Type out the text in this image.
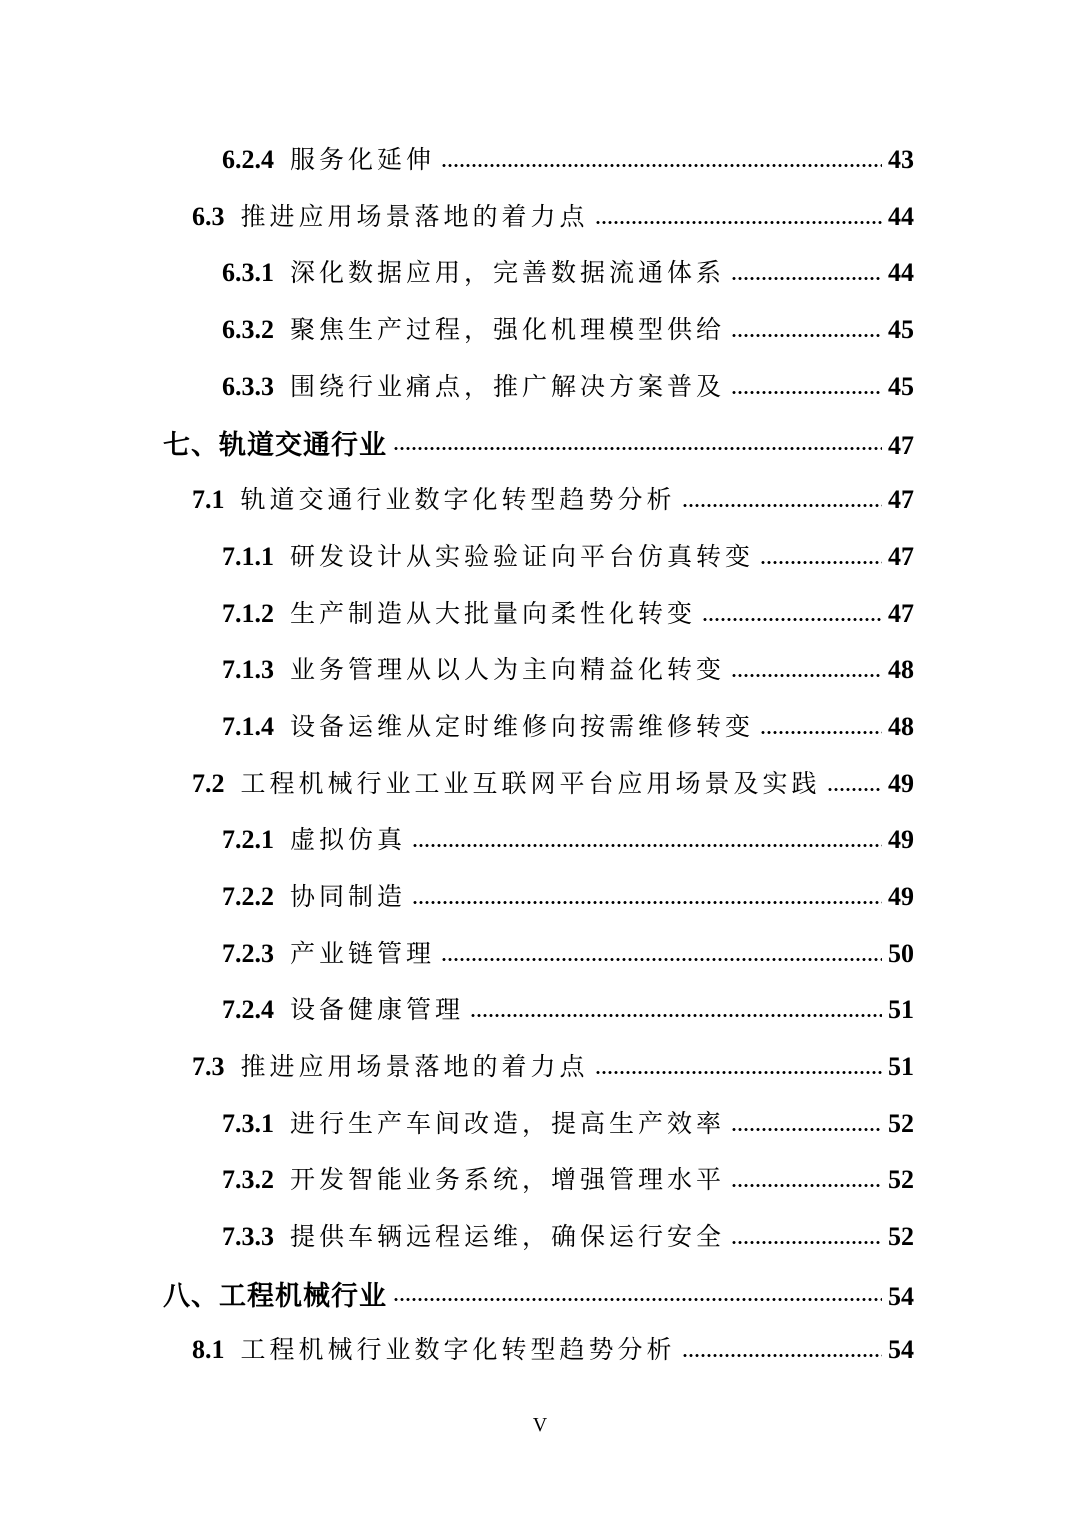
6.2.4 服务化延伸	43
6.3 推进应用场景落地的着力点	44
6.3.1 深化数据应用，完善数据流通体系	44
6.3.2 聚焦生产过程，强化机理模型供给	45
6.3.3 围绕行业痛点，推广解决方案普及	45
七、轨道交通行业	47
7.1 轨道交通行业数字化转型趋势分析	47
7.1.1 研发设计从实验验证向平台仿真转变	47
7.1.2 生产制造从大批量向柔性化转变	47
7.1.3 业务管理从以人为主向精益化转变	48
7.1.4 设备运维从定时维修向按需维修转变	48
7.2 工程机械行业工业互联网平台应用场景及实践	49
7.2.1 虚拟仿真	49
7.2.2 协同制造	49
7.2.3 产业链管理	50
7.2.4 设备健康管理	51
7.3 推进应用场景落地的着力点	51
7.3.1 进行生产车间改造，提高生产效率	52
7.3.2 开发智能业务系统，增强管理水平	52
7.3.3 提供车辆远程运维，确保运行安全	52
八、工程机械行业	54
8.1 工程机械行业数字化转型趋势分析	54
V
